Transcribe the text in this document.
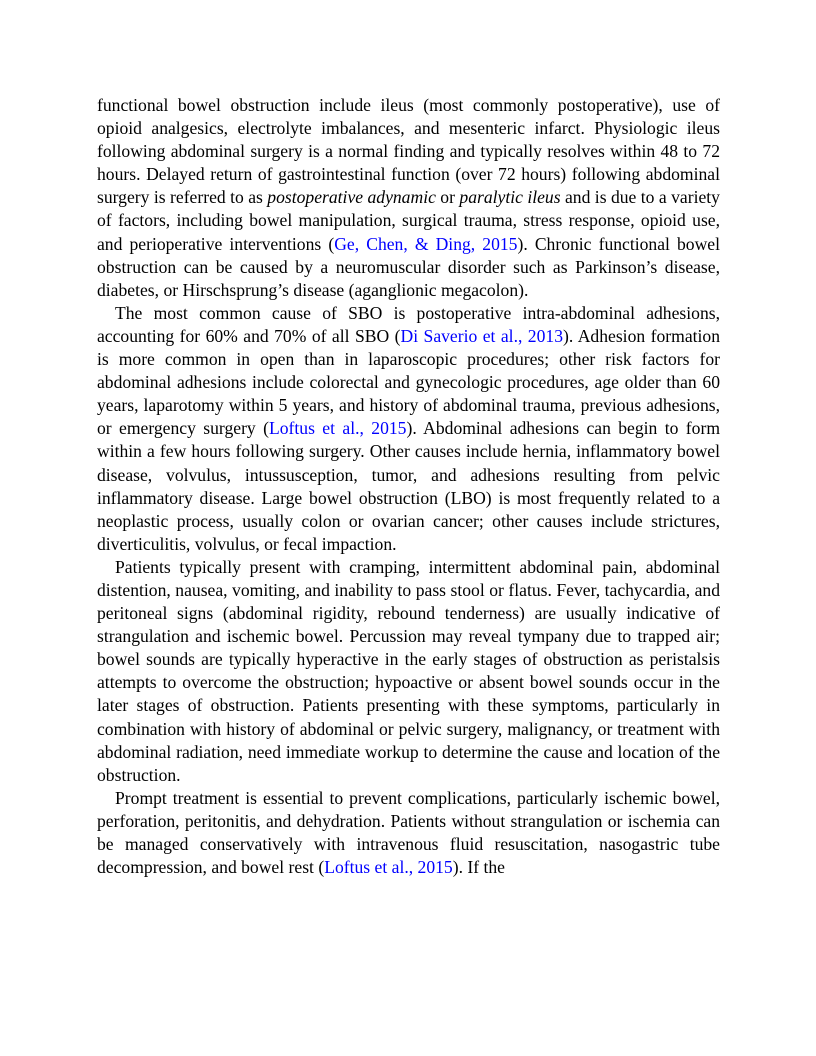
functional bowel obstruction include ileus (most commonly postoperative), use of opioid analgesics, electrolyte imbalances, and mesenteric infarct. Physiologic ileus following abdominal surgery is a normal finding and typically resolves within 48 to 72 hours. Delayed return of gastrointestinal function (over 72 hours) following abdominal surgery is referred to as postoperative adynamic or paralytic ileus and is due to a variety of factors, including bowel manipulation, surgical trauma, stress response, opioid use, and perioperative interventions (Ge, Chen, & Ding, 2015). Chronic functional bowel obstruction can be caused by a neuromuscular disorder such as Parkinson’s disease, diabetes, or Hirschsprung’s disease (aganglionic megacolon).

The most common cause of SBO is postoperative intra-abdominal adhesions, accounting for 60% and 70% of all SBO (Di Saverio et al., 2013). Adhesion formation is more common in open than in laparoscopic procedures; other risk factors for abdominal adhesions include colorectal and gynecologic procedures, age older than 60 years, laparotomy within 5 years, and history of abdominal trauma, previous adhesions, or emergency surgery (Loftus et al., 2015). Abdominal adhesions can begin to form within a few hours following surgery. Other causes include hernia, inflammatory bowel disease, volvulus, intussusception, tumor, and adhesions resulting from pelvic inflammatory disease. Large bowel obstruction (LBO) is most frequently related to a neoplastic process, usually colon or ovarian cancer; other causes include strictures, diverticulitis, volvulus, or fecal impaction.

Patients typically present with cramping, intermittent abdominal pain, abdominal distention, nausea, vomiting, and inability to pass stool or flatus. Fever, tachycardia, and peritoneal signs (abdominal rigidity, rebound tenderness) are usually indicative of strangulation and ischemic bowel. Percussion may reveal tympany due to trapped air; bowel sounds are typically hyperactive in the early stages of obstruction as peristalsis attempts to overcome the obstruction; hypoactive or absent bowel sounds occur in the later stages of obstruction. Patients presenting with these symptoms, particularly in combination with history of abdominal or pelvic surgery, malignancy, or treatment with abdominal radiation, need immediate workup to determine the cause and location of the obstruction.

Prompt treatment is essential to prevent complications, particularly ischemic bowel, perforation, peritonitis, and dehydration. Patients without strangulation or ischemia can be managed conservatively with intravenous fluid resuscitation, nasogastric tube decompression, and bowel rest (Loftus et al., 2015). If the
